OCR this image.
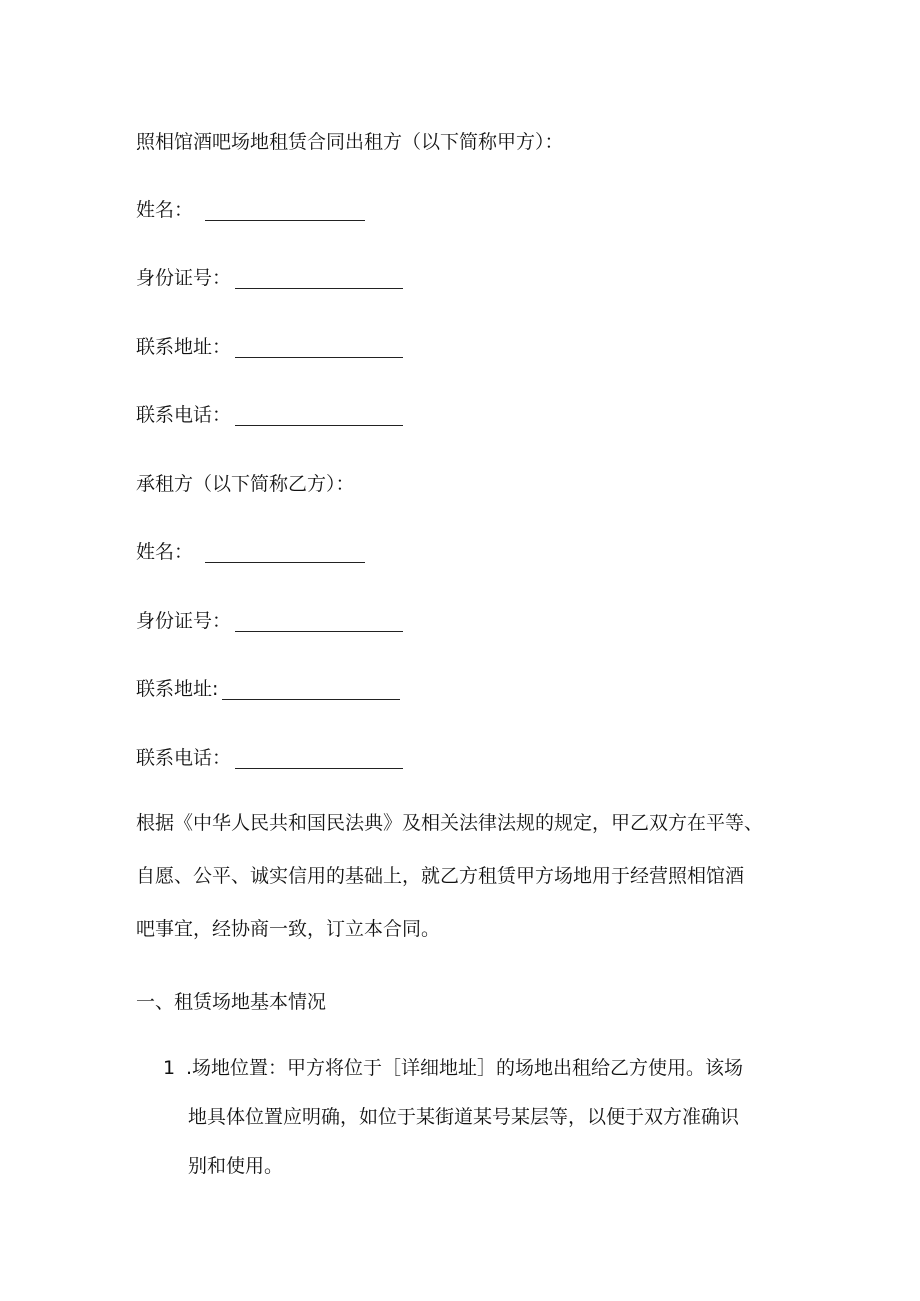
照相馆酒吧场地租赁合同出租方（以下简称甲方）：
姓名：
身份证号：
联系地址：
联系电话：
承租方（以下简称乙方）：
姓名：
身份证号：
联系地址:
联系电话：
根据《中华人民共和国民法典》及相关法律法规的规定，甲乙双方在平等、
自愿、公平、诚实信用的基础上，就乙方租赁甲方场地用于经营照相馆酒
吧事宜，经协商一致，订立本合同。
一、租赁场地基本情况
1 .场地位置：甲方将位于［详细地址］的场地出租给乙方使用。该场
地具体位置应明确，如位于某街道某号某层等，以便于双方准确识
别和使用。
